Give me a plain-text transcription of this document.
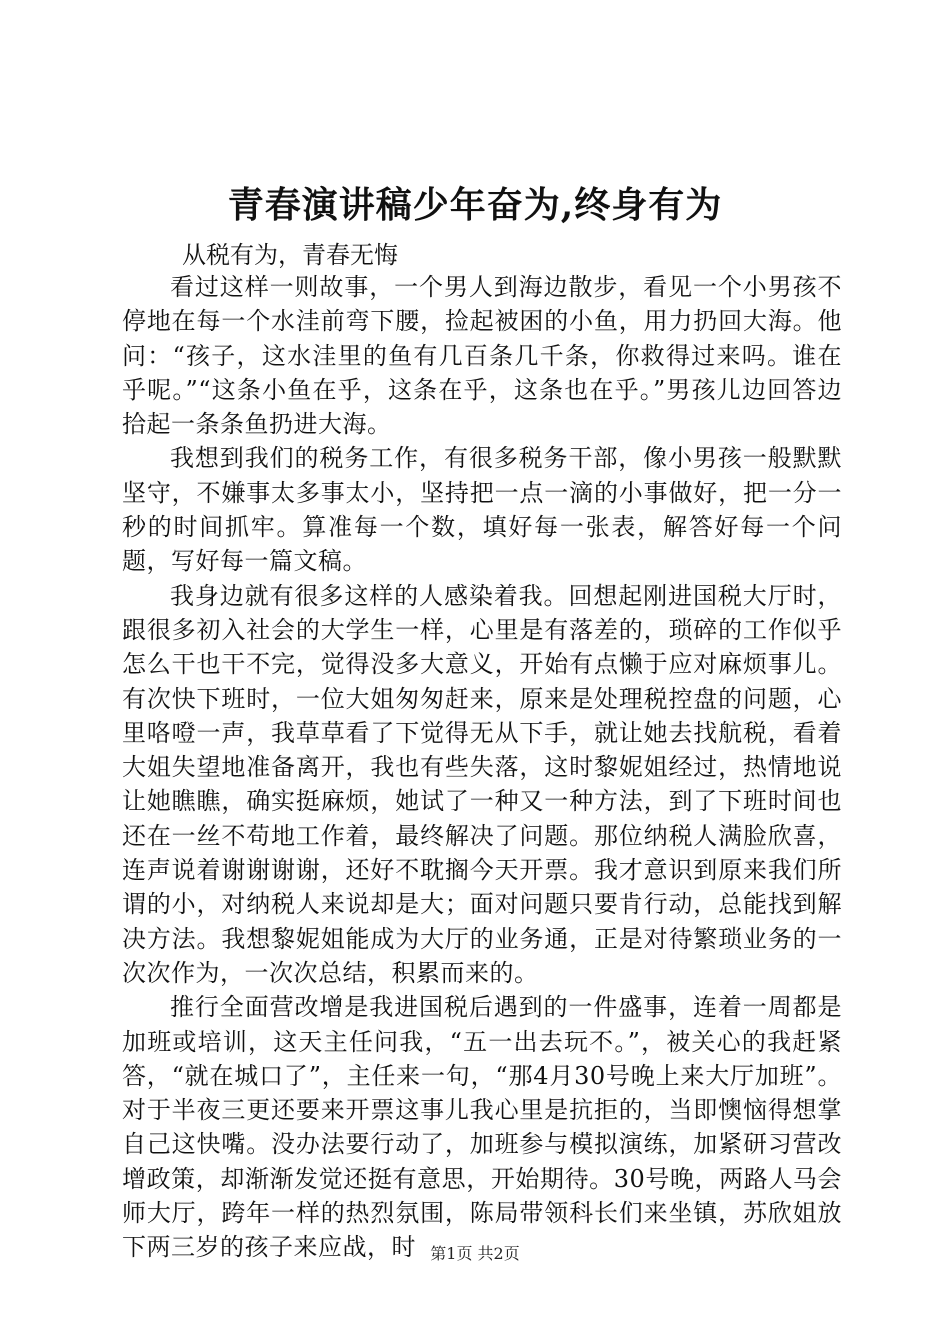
青春演讲稿少年奋为,终身有为

从税有为，青春无悔

看过这样一则故事，一个男人到海边散步，看见一个小男孩不停地在每一个水洼前弯下腰，捡起被困的小鱼，用力扔回大海。他问：“孩子，这水洼里的鱼有几百条几千条，你救得过来吗。谁在乎呢。”“这条小鱼在乎，这条在乎，这条也在乎。”男孩儿边回答边拾起一条条鱼扔进大海。

我想到我们的税务工作，有很多税务干部，像小男孩一般默默坚守，不嫌事太多事太小，坚持把一点一滴的小事做好，把一分一秒的时间抓牢。算准每一个数，填好每一张表，解答好每一个问题，写好每一篇文稿。

我身边就有很多这样的人感染着我。回想起刚进国税大厅时，跟很多初入社会的大学生一样，心里是有落差的，琐碎的工作似乎怎么干也干不完，觉得没多大意义，开始有点懒于应对麻烦事儿。有次快下班时，一位大姐匆匆赶来，原来是处理税控盘的问题，心里咯噔一声，我草草看了下觉得无从下手，就让她去找航税，看着大姐失望地准备离开，我也有些失落，这时黎妮姐经过，热情地说让她瞧瞧，确实挺麻烦，她试了一种又一种方法，到了下班时间也还在一丝不苟地工作着，最终解决了问题。那位纳税人满脸欣喜，连声说着谢谢谢谢，还好不耽搁今天开票。我才意识到原来我们所谓的小，对纳税人来说却是大；面对问题只要肯行动，总能找到解决方法。我想黎妮姐能成为大厅的业务通，正是对待繁琐业务的一次次作为，一次次总结，积累而来的。

推行全面营改增是我进国税后遇到的一件盛事，连着一周都是加班或培训，这天主任问我，“五一出去玩不。”，被关心的我赶紧答，“就在城口了”，主任来一句，“那4月30号晚上来大厅加班”。对于半夜三更还要来开票这事儿我心里是抗拒的，当即懊恼得想掌自己这快嘴。没办法要行动了，加班参与模拟演练，加紧研习营改增政策，却渐渐发觉还挺有意思，开始期待。30号晚，两路人马会师大厅，跨年一样的热烈氛围，陈局带领科长们来坐镇，苏欣姐放下两三岁的孩子来应战，时 第1页 共2页
